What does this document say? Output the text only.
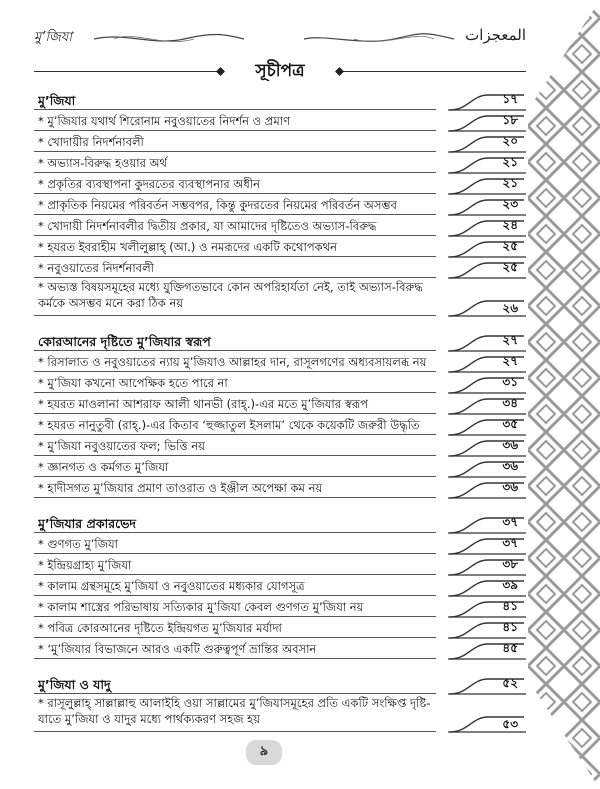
মু’জিযা	المعجزات
সূচীপত্র
মু’জিযা	১৭
* মু’জিযার যথার্থ শিরোনাম নবুওয়াতের নিদর্শন ও প্রমাণ	১৮
* খোদায়ীর নিদর্শনাবলী	২০
* অভ্যাস-বিরুদ্ধ হওয়ার অর্থ	২১
* প্রকৃতির ব্যবস্থাপনা কুদরতের ব্যবস্থাপনার অধীন	২১
* প্রাকৃতিক নিয়মের পরিবর্তন সম্ভবপর, কিন্তু কুদরতের নিয়মের পরিবর্তন অসম্ভব	২৩
* খোদায়ী নিদর্শনাবলীর দ্বিতীয় প্রকার, যা আমাদের দৃষ্টিতেও অভ্যাস-বিরুদ্ধ	২৪
* হযরত ইবরাহীম খলীলুল্লাহ্ (আ.) ও নমরূদের একটি কথোপকথন	২৫
* নবুওয়াতের নিদর্শনাবলী	২৫
* অভ্যস্ত বিষয়সমূহের মধ্যে যুক্তিগতভাবে কোন অপরিহার্যতা নেই, তাই অভ্যাস-বিরুদ্ধ কর্মকে অসম্ভব মনে করা ঠিক নয়	২৬
কোরআনের দৃষ্টিতে মু’জিযার স্বরূপ	২৭
* রিসালাত ও নবুওয়াতের ন্যায় মু’জিযাও আল্লাহর দান, রাসূলগণের অধ্যবসায়লব্ধ নয়	২৭
* মু’জিযা কখনো আপেক্ষিক হতে পারে না	৩১
* হযরত মাওলানা আশরাফ আলী থানভী (রাহ্.)-এর মতে মু’জিযার স্বরূপ	৩৪
* হযরত নানুতুবী (রাহ্.)-এর কিতাব ‘হুজ্জাতুল ইসলাম’ থেকে কয়েকটি জরুরী উদ্ধৃতি	৩৫
* মু’জিযা নবুওয়াতের ফল; ভিত্তি নয়	৩৬
* জ্ঞানগত ও কর্মগত মু’জিযা	৩৬
* হাদীসগত মু’জিযার প্রমাণ তাওরাত ও ইঞ্জীল অপেক্ষা কম নয়	৩৬
মু’জিযার প্রকারভেদ	৩৭
* গুণগত মু’জিযা	৩৭
* ইন্দ্রিয়গ্রাহ্য মু’জিযা	৩৮
* কালাম গ্রন্থসমূহে মু’জিযা ও নবুওয়াতের মধ্যকার যোগসূত্র	৩৯
* কালাম শাস্ত্রের পরিভাষায় সত্যিকার মু’জিযা কেবল গুণগত মু’জিযা নয়	৪১
* পবিত্র কোরআনের দৃষ্টিতে ইন্দ্রিয়গত মু’জিযার মর্যাদা	৪১
* ‘মু’জিযার বিভাজনে আরও একটি গুরুত্বপূর্ণ ভ্রান্তির অবসান	৪৫
মু’জিযা ও যাদু	৫২
* রাসূলুল্লাহ্ সাল্লাল্লাহু আলাইহি ওয়া সাল্লামের মু’জিযাসমূহের প্রতি একটি সংক্ষিপ্ত দৃষ্টি-যাতে মু’জিযা ও যাদুর মধ্যে পার্থক্যকরণ সহজ হয়	৫৩
৯
